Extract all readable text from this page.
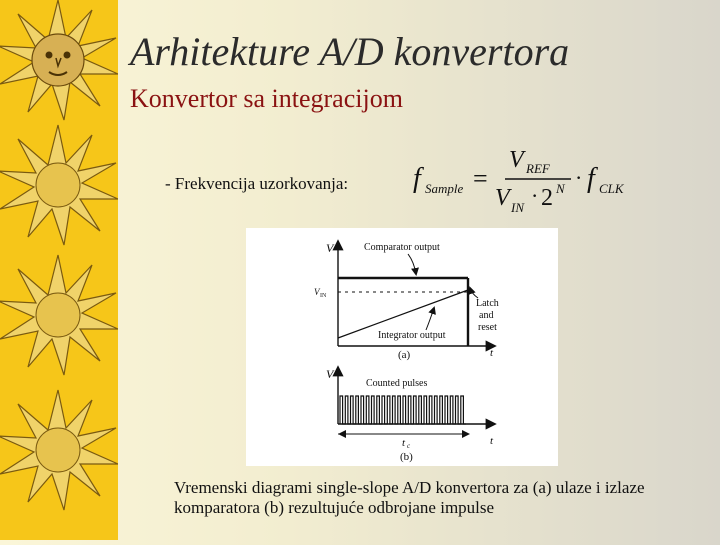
Arhitekture A/D konvertora
Konvertor sa integracijom
- Frekvencija uzorkovanja: f Sample =
V REF
V IN · 2 N · f CLK
V
V IN
Comparator output
Integrator output
Latch
and
reset
t
(a)
V
Counted pulses
t c	t
(b)
Vremenski diagrami single-slope A/D konvertora za (a) ulaze i izlaze komparatora (b) rezultujuće odbrojane impulse
